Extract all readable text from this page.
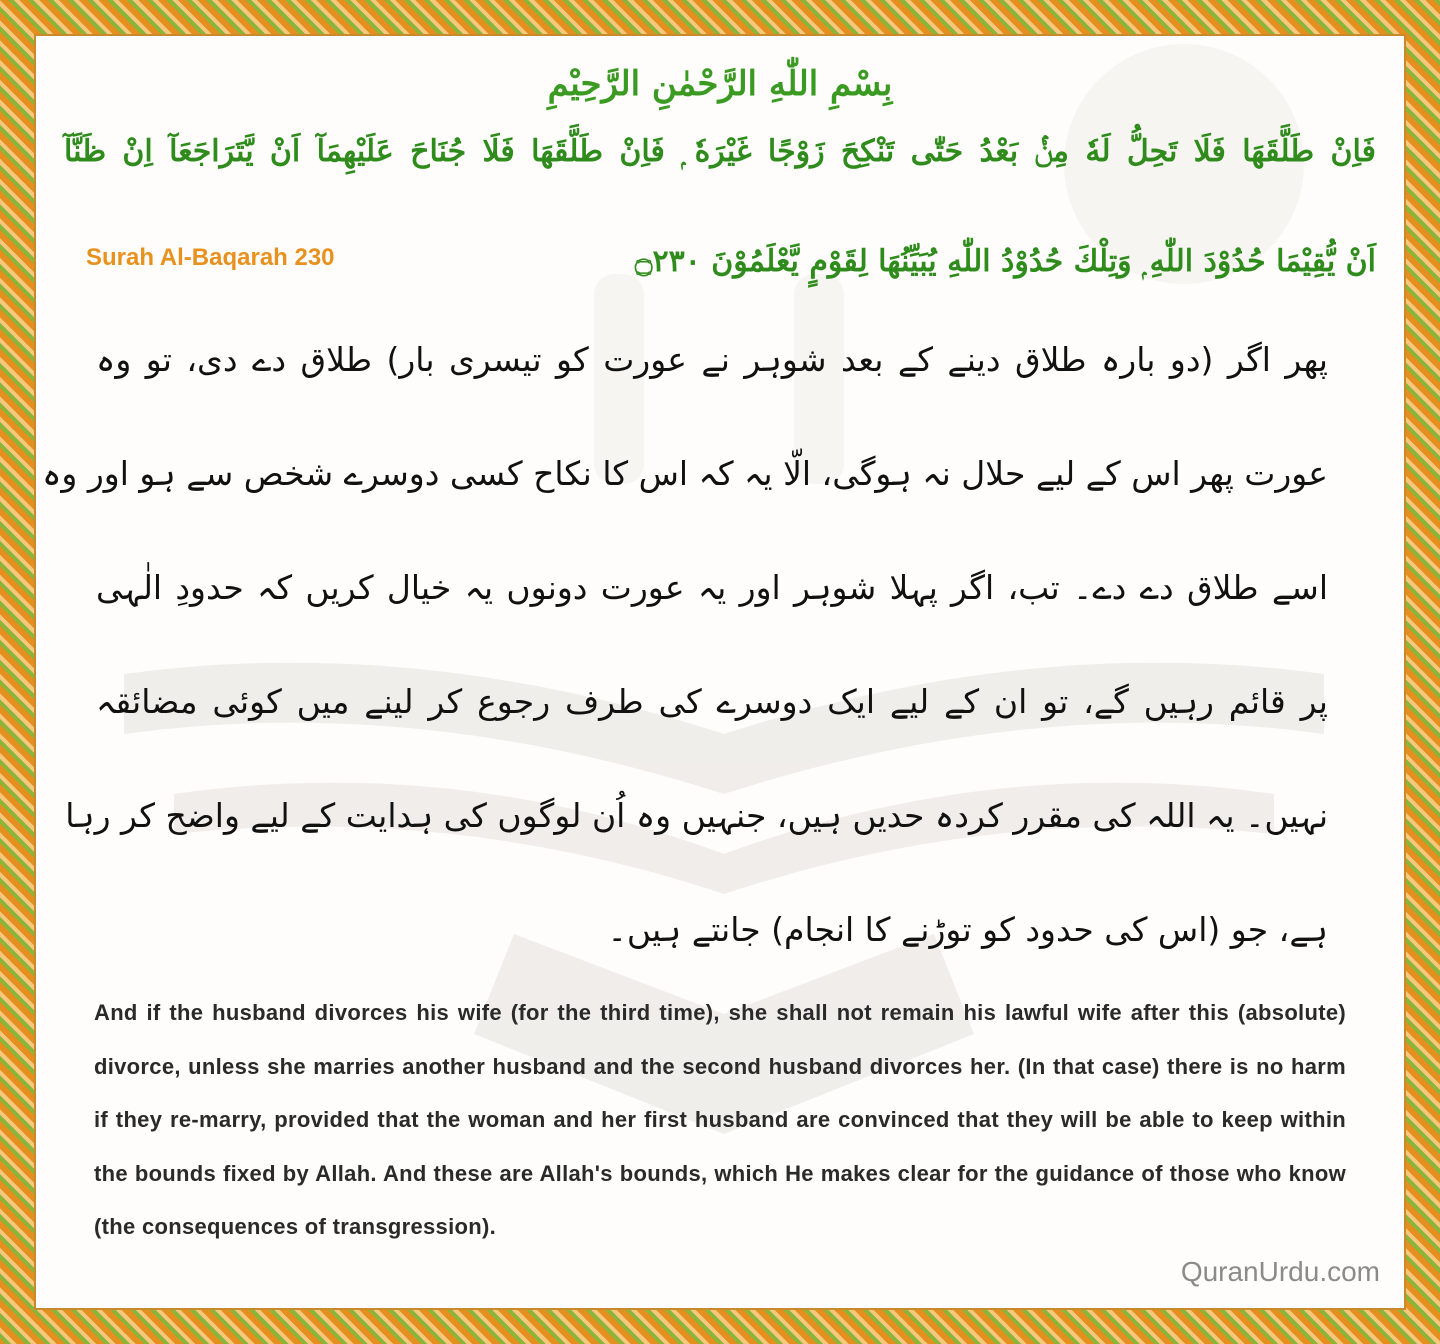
بِسْمِ اللّٰهِ الرَّحْمٰنِ الرَّحِيْمِ
فَاِنْ طَلَّقَهَا فَلَا تَحِلُّ لَهٗ مِنْۢ بَعْدُ حَتّٰى تَنْكِحَ زَوْجًا غَيْرَهٗ ۭ فَاِنْ طَلَّقَهَا فَلَا جُنَاحَ عَلَيْهِمَآ اَنْ يَّتَرَاجَعَآ اِنْ ظَنَّآ
Surah Al-Baqarah 230	اَنْ يُّقِيْمَا حُدُوْدَ اللّٰهِ ۭ وَتِلْكَ حُدُوْدُ اللّٰهِ يُبَيِّنُهَا لِقَوْمٍ يَّعْلَمُوْنَ ۝۲۳۰
پھر اگر (دو بارہ طلاق دینے کے بعد شوہر نے عورت کو تیسری بار) طلاق دے دی، تو وہ
عورت پھر اس کے لیے حلال نہ ہوگی، الّا یہ کہ اس کا نکاح کسی دوسرے شخص سے ہو اور وہ
اسے طلاق دے دے۔ تب، اگر پہلا شوہر اور یہ عورت دونوں یہ خیال کریں کہ حدودِ الٰہی
پر قائم رہیں گے، تو ان کے لیے ایک دوسرے کی طرف رجوع کر لینے میں کوئی مضائقہ
نہیں۔ یہ اللہ کی مقرر کردہ حدیں ہیں، جنہیں وہ اُن لوگوں کی ہدایت کے لیے واضح کر رہا
ہے، جو (اس کی حدود کو توڑنے کا انجام) جانتے ہیں۔
And if the husband divorces his wife (for the third time), she shall not remain his lawful wife after this (absolute) divorce, unless she marries another husband and the second husband divorces her. (In that case) there is no harm if they re-marry, provided that the woman and her first husband are convinced that they will be able to keep within the bounds fixed by Allah. And these are Allah's bounds, which He makes clear for the guidance of those who know (the consequences of transgression).
QuranUrdu.com
